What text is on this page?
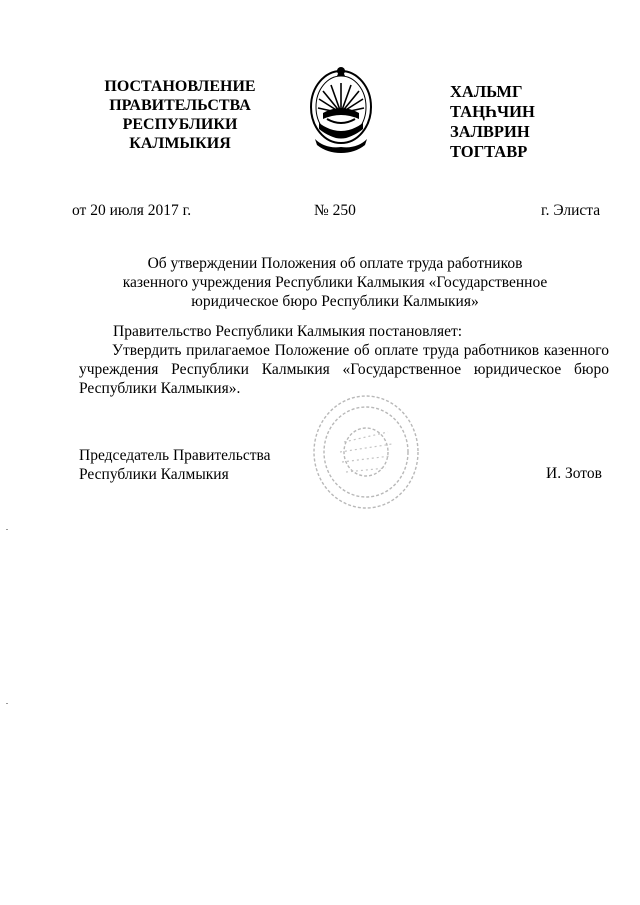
ПОСТАНОВЛЕНИЕ
ПРАВИТЕЛЬСТВА
РЕСПУБЛИКИ
КАЛМЫКИЯ
ХАЛЬМГ
ТАҢҺЧИН
ЗАЛВРИН
ТОГТАВР
от 20 июля 2017 г.	№ 250	г. Элиста
Об утверждении Положения об оплате труда работников
казенного учреждения Республики Калмыкия «Государственное
юридическое бюро Республики Калмыкия»
Правительство Республики Калмыкия постановляет:
Утвердить прилагаемое Положение об оплате труда работников казенного учреждения Республики Калмыкия «Государственное юридическое бюро Республики Калмыкия».
Председатель Правительства
Республики Калмыкия	И. Зотов
